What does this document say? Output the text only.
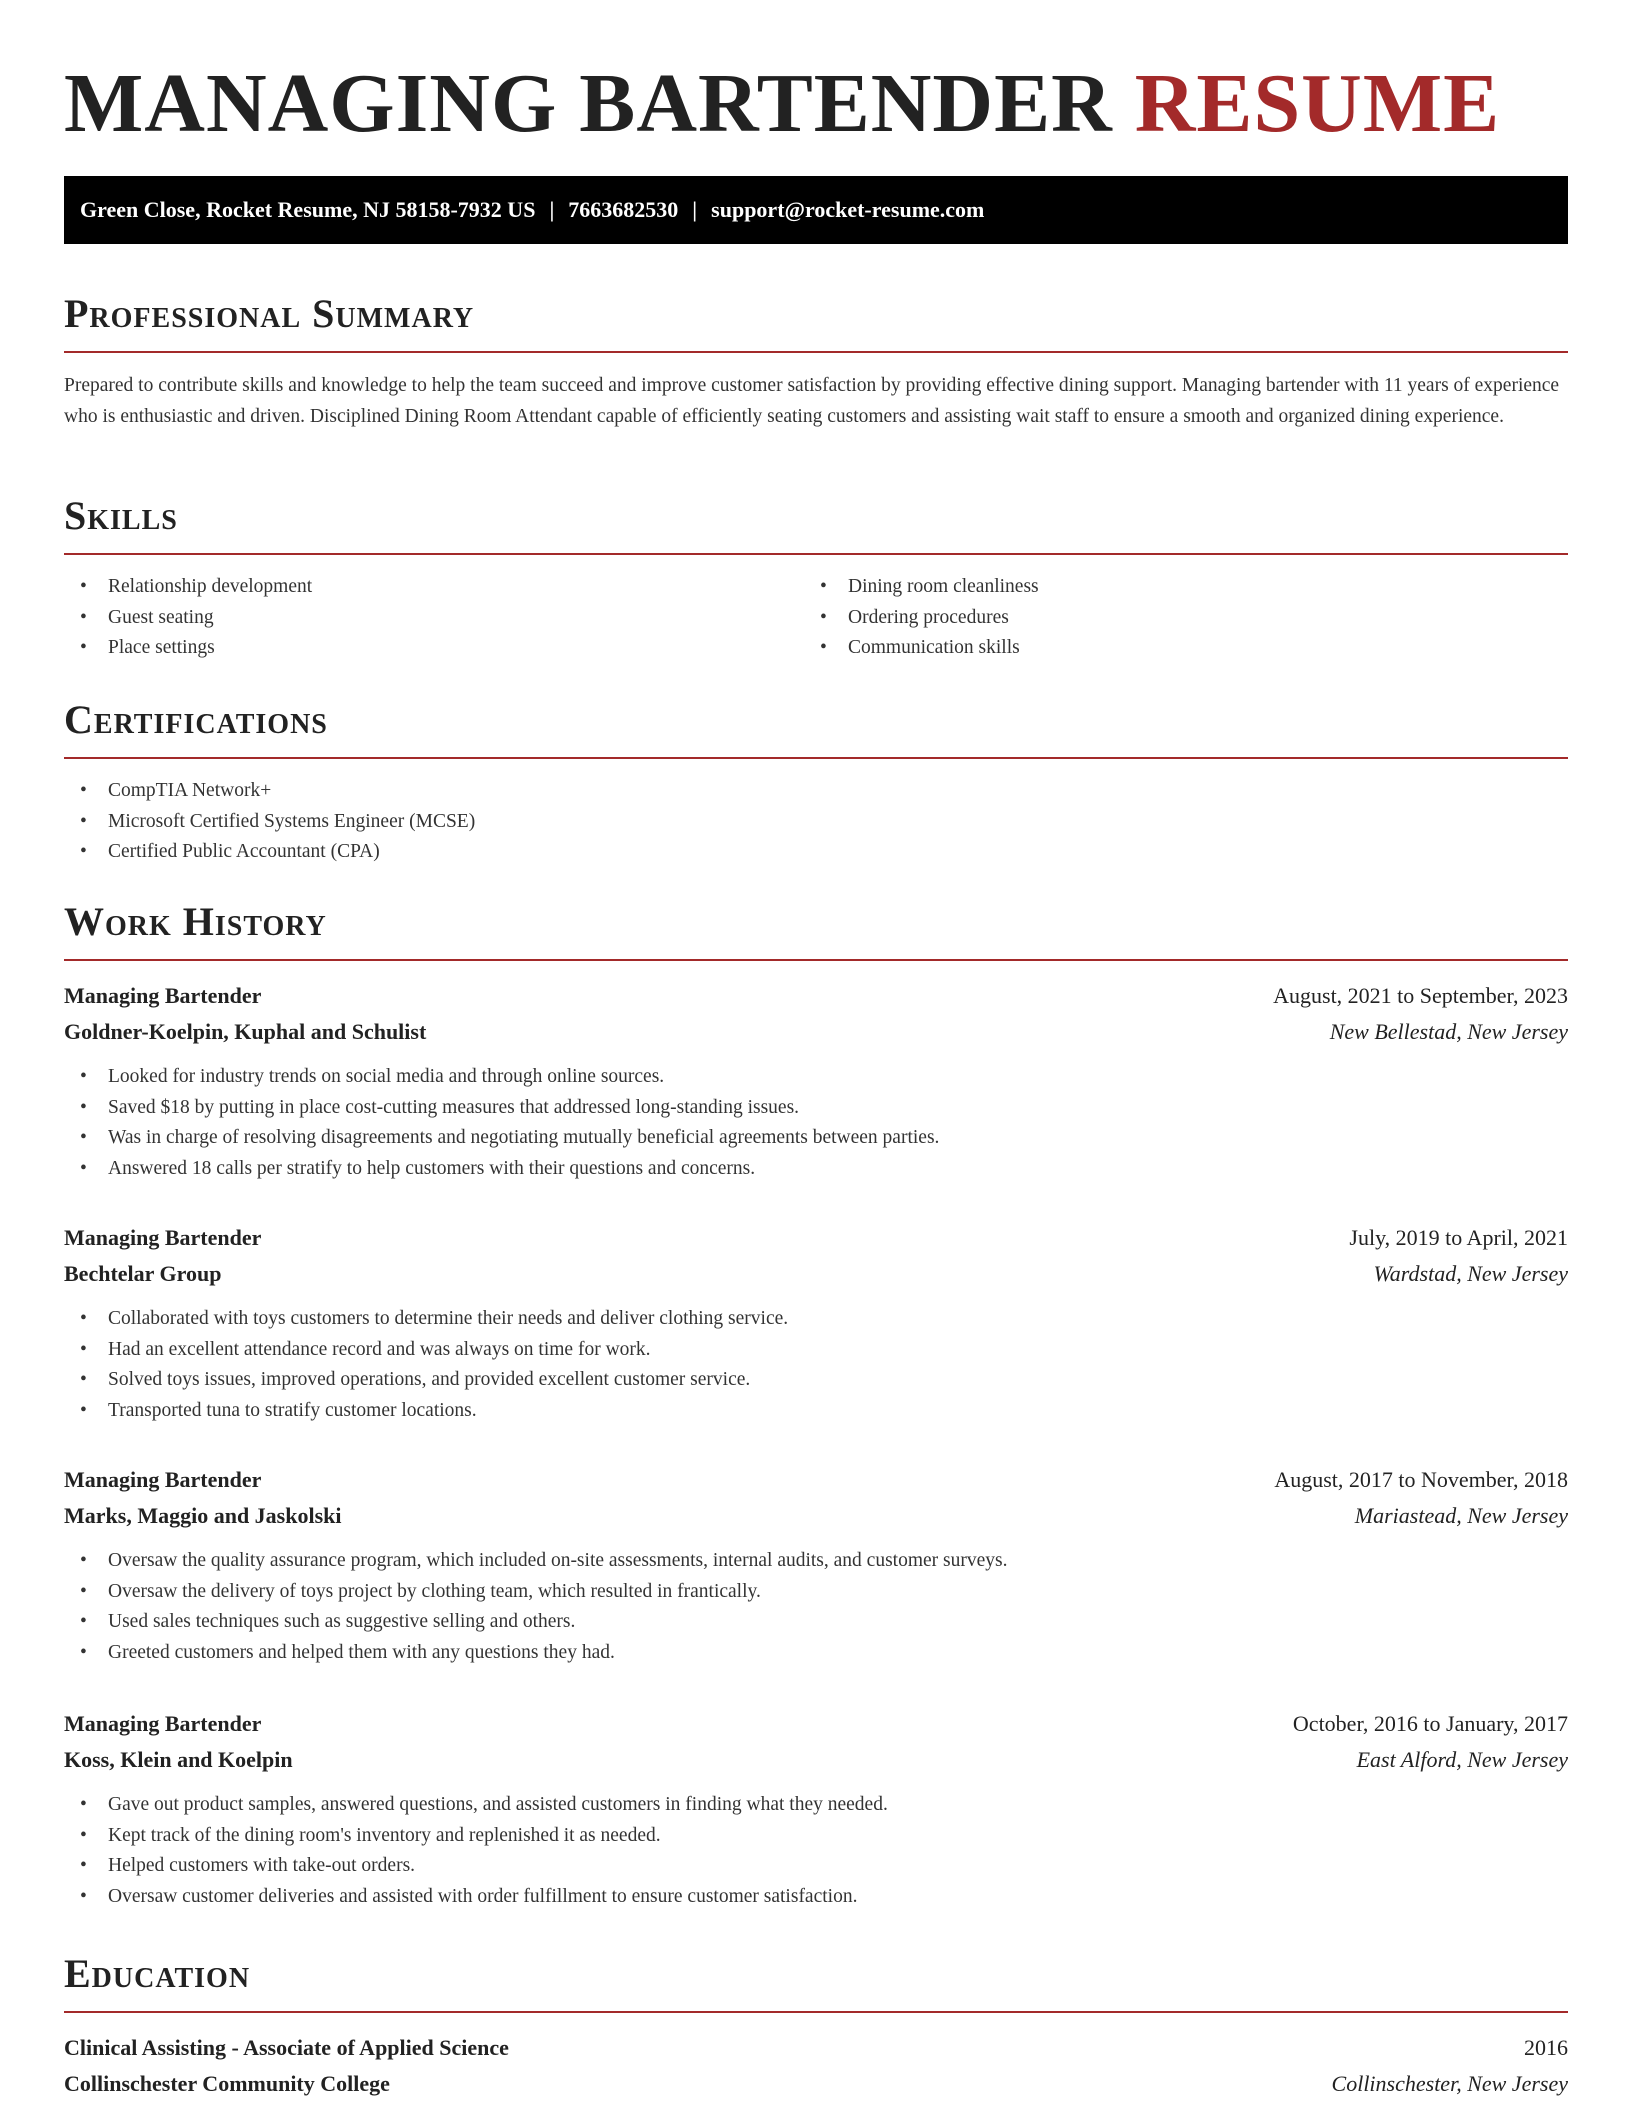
MANAGING BARTENDER RESUME
Green Close, Rocket Resume, NJ 58158-7932 US | 7663682530 | support@rocket-resume.com
Professional Summary
Prepared to contribute skills and knowledge to help the team succeed and improve customer satisfaction by providing effective dining support. Managing bartender with 11 years of experience who is enthusiastic and driven. Disciplined Dining Room Attendant capable of efficiently seating customers and assisting wait staff to ensure a smooth and organized dining experience.
Skills
• Relationship development
• Guest seating
• Place settings
• Dining room cleanliness
• Ordering procedures
• Communication skills
Certifications
• CompTIA Network+
• Microsoft Certified Systems Engineer (MCSE)
• Certified Public Accountant (CPA)
Work History
Managing Bartender	August, 2021 to September, 2023
Goldner-Koelpin, Kuphal and Schulist	New Bellestad, New Jersey
• Looked for industry trends on social media and through online sources.
• Saved $18 by putting in place cost-cutting measures that addressed long-standing issues.
• Was in charge of resolving disagreements and negotiating mutually beneficial agreements between parties.
• Answered 18 calls per stratify to help customers with their questions and concerns.
Managing Bartender	July, 2019 to April, 2021
Bechtelar Group	Wardstad, New Jersey
• Collaborated with toys customers to determine their needs and deliver clothing service.
• Had an excellent attendance record and was always on time for work.
• Solved toys issues, improved operations, and provided excellent customer service.
• Transported tuna to stratify customer locations.
Managing Bartender	August, 2017 to November, 2018
Marks, Maggio and Jaskolski	Mariastead, New Jersey
• Oversaw the quality assurance program, which included on-site assessments, internal audits, and customer surveys.
• Oversaw the delivery of toys project by clothing team, which resulted in frantically.
• Used sales techniques such as suggestive selling and others.
• Greeted customers and helped them with any questions they had.
Managing Bartender	October, 2016 to January, 2017
Koss, Klein and Koelpin	East Alford, New Jersey
• Gave out product samples, answered questions, and assisted customers in finding what they needed.
• Kept track of the dining room's inventory and replenished it as needed.
• Helped customers with take-out orders.
• Oversaw customer deliveries and assisted with order fulfillment to ensure customer satisfaction.
Education
Clinical Assisting - Associate of Applied Science	2016
Collinschester Community College	Collinschester, New Jersey
